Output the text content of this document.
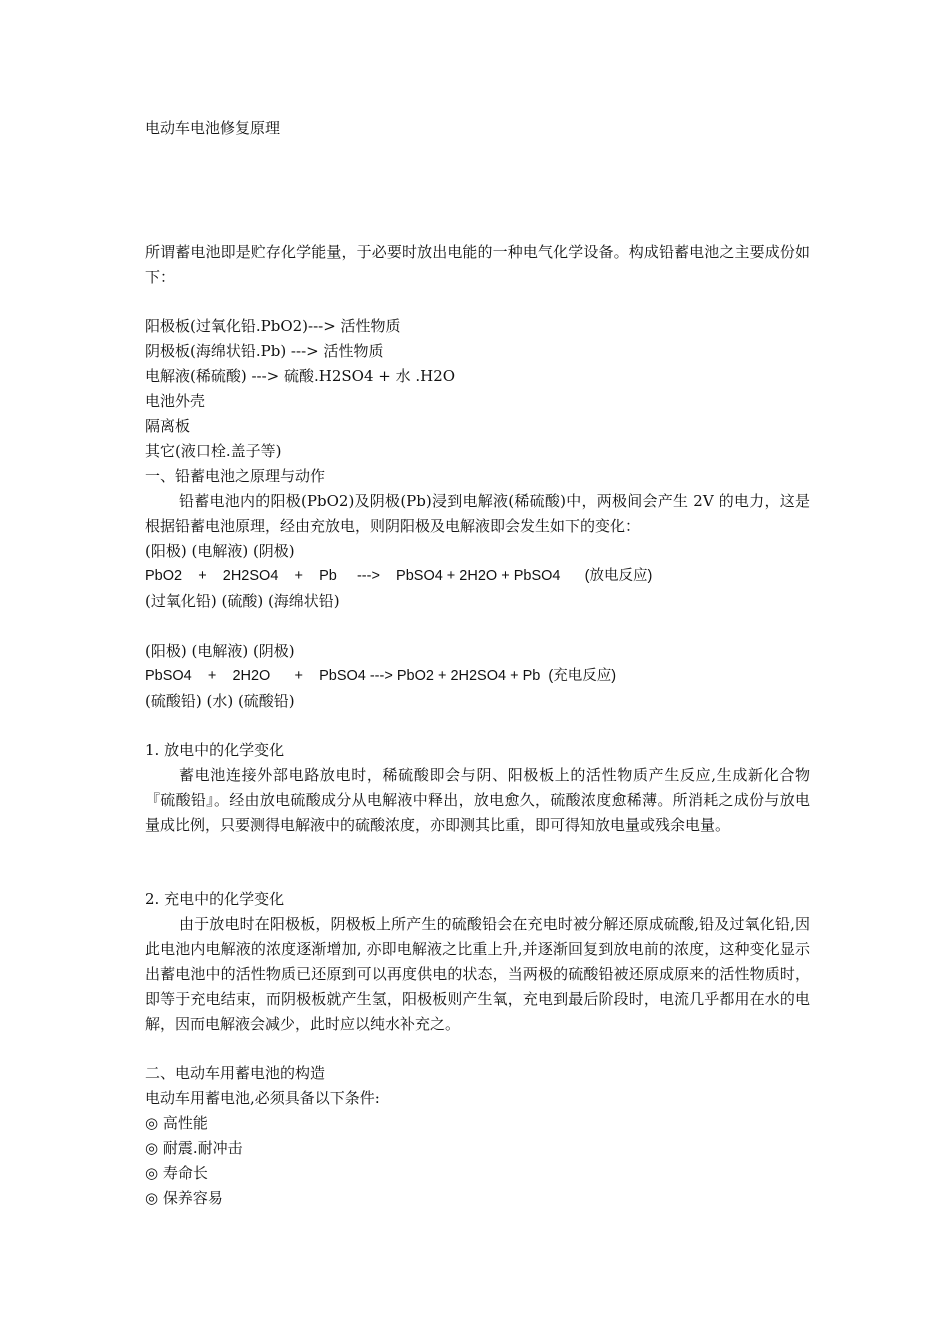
电动车电池修复原理
所谓蓄电池即是贮存化学能量，于必要时放出电能的一种电气化学设备。构成铅蓄电池之主要成份如下：
阳极板(过氧化铅.PbO2)---> 活性物质
阴极板(海绵状铅.Pb) ---> 活性物质
电解液(稀硫酸) ---> 硫酸.H2SO4 + 水 .H2O
电池外壳
隔离板
其它(液口栓.盖子等)
一、铅蓄电池之原理与动作
铅蓄电池内的阳极(PbO2)及阴极(Pb)浸到电解液(稀硫酸)中，两极间会产生 2V 的电力，这是根据铅蓄电池原理，经由充放电，则阴阳极及电解液即会发生如下的变化：
(阳极) (电解液) (阴极)
PbO2    +    2H2SO4    +    Pb     --->    PbSO4 + 2H2O + PbSO4      (放电反应)
(过氧化铅) (硫酸) (海绵状铅)
(阳极) (电解液) (阴极)
PbSO4    +    2H2O      +    PbSO4 ---> PbO2 + 2H2SO4 + Pb  (充电反应)
(硫酸铅) (水) (硫酸铅)
1. 放电中的化学变化
蓄电池连接外部电路放电时，稀硫酸即会与阴、阳极板上的活性物质产生反应,生成新化合物『硫酸铅』。经由放电硫酸成分从电解液中释出，放电愈久，硫酸浓度愈稀薄。所消耗之成份与放电量成比例，只要测得电解液中的硫酸浓度，亦即测其比重，即可得知放电量或残余电量。
2. 充电中的化学变化
由于放电时在阳极板，阴极板上所产生的硫酸铅会在充电时被分解还原成硫酸,铅及过氧化铅,因此电池内电解液的浓度逐渐增加, 亦即电解液之比重上升,并逐渐回复到放电前的浓度，这种变化显示出蓄电池中的活性物质已还原到可以再度供电的状态，当两极的硫酸铅被还原成原来的活性物质时，即等于充电结束，而阴极板就产生氢，阳极板则产生氧，充电到最后阶段时，电流几乎都用在水的电解，因而电解液会减少，此时应以纯水补充之。
二、电动车用蓄电池的构造
电动车用蓄电池,必须具备以下条件:
◎ 高性能
◎ 耐震.耐冲击
◎ 寿命长
◎ 保养容易
